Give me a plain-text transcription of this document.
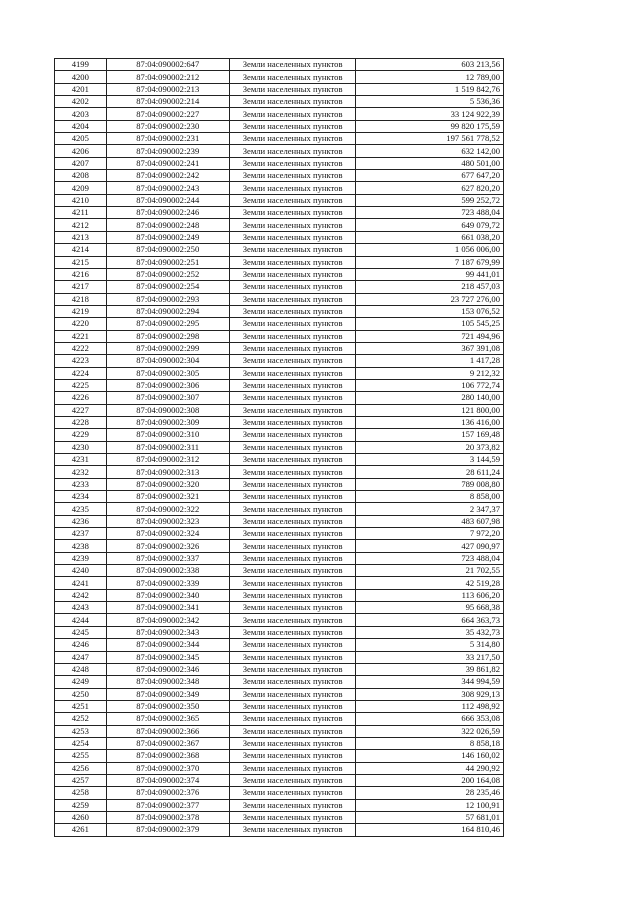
4199	87:04:090002:647	Земли населенных пунктов	603 213,56
4200	87:04:090002:212	Земли населенных пунктов	12 789,00
4201	87:04:090002:213	Земли населенных пунктов	1 519 842,76
4202	87:04:090002:214	Земли населенных пунктов	5 536,36
4203	87:04:090002:227	Земли населенных пунктов	33 124 922,39
4204	87:04:090002:230	Земли населенных пунктов	99 820 175,59
4205	87:04:090002:231	Земли населенных пунктов	197 561 778,52
4206	87:04:090002:239	Земли населенных пунктов	632 142,00
4207	87:04:090002:241	Земли населенных пунктов	480 501,00
4208	87:04:090002:242	Земли населенных пунктов	677 647,20
4209	87:04:090002:243	Земли населенных пунктов	627 820,20
4210	87:04:090002:244	Земли населенных пунктов	599 252,72
4211	87:04:090002:246	Земли населенных пунктов	723 488,04
4212	87:04:090002:248	Земли населенных пунктов	649 079,72
4213	87:04:090002:249	Земли населенных пунктов	661 038,20
4214	87:04:090002:250	Земли населенных пунктов	1 056 006,00
4215	87:04:090002:251	Земли населенных пунктов	7 187 679,99
4216	87:04:090002:252	Земли населенных пунктов	99 441,01
4217	87:04:090002:254	Земли населенных пунктов	218 457,03
4218	87:04:090002:293	Земли населенных пунктов	23 727 276,00
4219	87:04:090002:294	Земли населенных пунктов	153 076,52
4220	87:04:090002:295	Земли населенных пунктов	105 545,25
4221	87:04:090002:298	Земли населенных пунктов	721 494,96
4222	87:04:090002:299	Земли населенных пунктов	367 391,08
4223	87:04:090002:304	Земли населенных пунктов	1 417,28
4224	87:04:090002:305	Земли населенных пунктов	9 212,32
4225	87:04:090002:306	Земли населенных пунктов	106 772,74
4226	87:04:090002:307	Земли населенных пунктов	280 140,00
4227	87:04:090002:308	Земли населенных пунктов	121 800,00
4228	87:04:090002:309	Земли населенных пунктов	136 416,00
4229	87:04:090002:310	Земли населенных пунктов	157 169,48
4230	87:04:090002:311	Земли населенных пунктов	20 373,82
4231	87:04:090002:312	Земли населенных пунктов	3 144,59
4232	87:04:090002:313	Земли населенных пунктов	28 611,24
4233	87:04:090002:320	Земли населенных пунктов	789 008,80
4234	87:04:090002:321	Земли населенных пунктов	8 858,00
4235	87:04:090002:322	Земли населенных пунктов	2 347,37
4236	87:04:090002:323	Земли населенных пунктов	483 607,98
4237	87:04:090002:324	Земли населенных пунктов	7 972,20
4238	87:04:090002:326	Земли населенных пунктов	427 090,97
4239	87:04:090002:337	Земли населенных пунктов	723 488,04
4240	87:04:090002:338	Земли населенных пунктов	21 702,55
4241	87:04:090002:339	Земли населенных пунктов	42 519,28
4242	87:04:090002:340	Земли населенных пунктов	113 606,20
4243	87:04:090002:341	Земли населенных пунктов	95 668,38
4244	87:04:090002:342	Земли населенных пунктов	664 363,73
4245	87:04:090002:343	Земли населенных пунктов	35 432,73
4246	87:04:090002:344	Земли населенных пунктов	5 314,80
4247	87:04:090002:345	Земли населенных пунктов	33 217,50
4248	87:04:090002:346	Земли населенных пунктов	39 861,82
4249	87:04:090002:348	Земли населенных пунктов	344 994,59
4250	87:04:090002:349	Земли населенных пунктов	308 929,13
4251	87:04:090002:350	Земли населенных пунктов	112 498,92
4252	87:04:090002:365	Земли населенных пунктов	666 353,08
4253	87:04:090002:366	Земли населенных пунктов	322 026,59
4254	87:04:090002:367	Земли населенных пунктов	8 858,18
4255	87:04:090002:368	Земли населенных пунктов	146 160,02
4256	87:04:090002:370	Земли населенных пунктов	44 290,92
4257	87:04:090002:374	Земли населенных пунктов	200 164,08
4258	87:04:090002:376	Земли населенных пунктов	28 235,46
4259	87:04:090002:377	Земли населенных пунктов	12 100,91
4260	87:04:090002:378	Земли населенных пунктов	57 681,01
4261	87:04:090002:379	Земли населенных пунктов	164 810,46
